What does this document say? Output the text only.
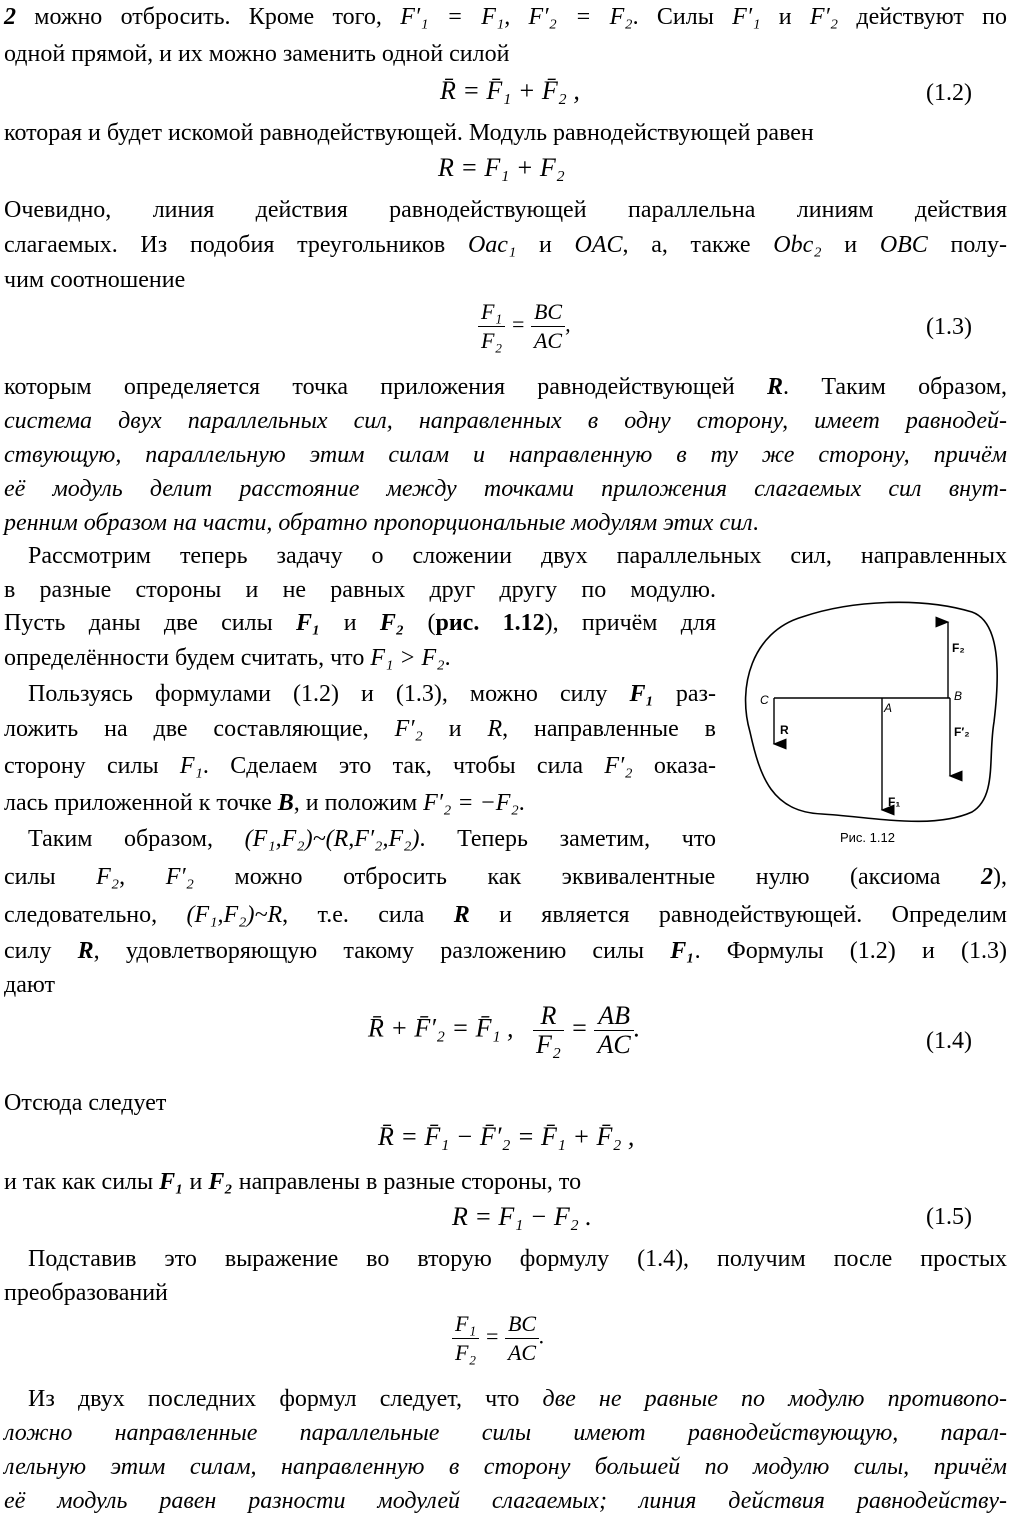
2 можно отбросить. Кроме того, F′₁ = F₁, F′₂ = F₂. Силы F′₁ и F′₂ действуют по
одной прямой, и их можно заменить одной силой
R̄ = F̄₁ + F̄₂ ,	(1.2)
которая и будет искомой равнодействующей. Модуль равнодействующей равен
R = F₁ + F₂
Очевидно, линия действия равнодействующей параллельна линиям действия
слагаемых. Из подобия треугольников Oac₁ и OAC, а, также Obc₂ и OBC полу-
чим соотношение
$\frac{\text{F₁}}{\text{F₂}} = \frac{BC}{AC}$ ,	(1.3)
которым определяется точка приложения равнодействующей R. Таким образом,
система двух параллельных сил, направленных в одну сторону, имеет равнодей-
ствующую, параллельную этим силам и направленную в ту же сторону, причём
её модуль делит расстояние между точками приложения слагаемых сил внут-
ренним образом на части, обратно пропорциональные модулям этих сил.
Рассмотрим теперь задачу о сложении двух параллельных сил, направленных
в разные стороны и не равных друг другу по модулю.
Пусть даны две силы F₁ и F₂ (рис. 1.12), причём для
определённости будем считать, что F₁ > F₂.
Пользуясь формулами (1.2) и (1.3), можно силу F₁ раз-
ложить на две составляющие, F′₂ и R, направленные в
сторону силы F₁. Сделаем это так, чтобы сила F′₂ оказа-
лась приложенной к точке B, и положим F′₂ = −F₂.
Таким образом, (F₁,F₂)~(R,F′₂,F₂). Теперь заметим, что
силы F₂, F′₂ можно отбросить как эквивалентные нулю (аксиома 2),
следовательно, (F₁,F₂)~R, т.е. сила R и является равнодействующей. Определим
силу R, удовлетворяющую такому разложению силы F₁. Формулы (1.2) и (1.3)
дают
R̄ + F̄′₂ = F̄₁ , $\frac{R}{\text{F₂}} = \frac{AB}{AC}$ .	(1.4)
Отсюда следует
R̄ = F̄₁ − F̄′₂ = F̄₁ + F̄₂ ,
и так как силы F₁ и F₂ направлены в разные стороны, то
R = F₁ − F₂ .	(1.5)
Подставив это выражение во вторую формулу (1.4), получим после простых
преобразований
$\frac{\text{F₁}}{\text{F₂}} = \frac{BC}{AC}$ .
Из двух последних формул следует, что две не равные по модулю противопо-
ложно направленные параллельные силы имеют равнодействующую, парал-
лельную этим силам, направленную в сторону большей по модулю силы, причём
её модуль равен разности модулей слагаемых; линия действия равнодейству-
C
R
A
B
F₂
F′₂
F₁
Рис. 1.12
